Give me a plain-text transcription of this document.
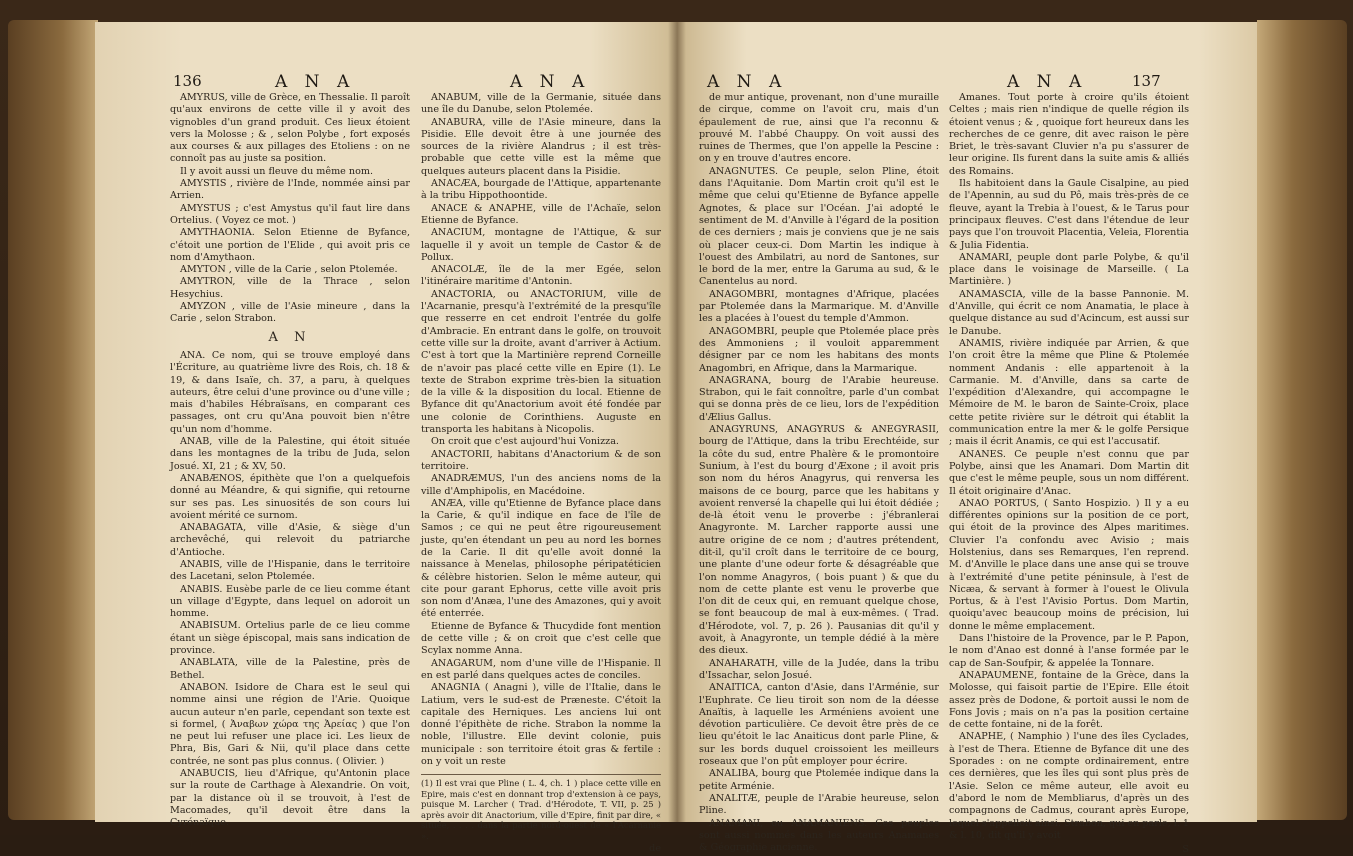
136	A N A	A N A

AMYRUS, ville de Grèce, en Thessalie. Il paroît qu'aux environs de cette ville il y avoit des vignobles d'un grand produit. Ces lieux étoient vers la Molosse ; & , selon Polybe , fort exposés aux courses & aux pillages des Etoliens : on ne connoît pas au juste sa position.

Il y avoit aussi un fleuve du même nom.

AMYSTIS , rivière de l'Inde, nommée ainsi par Arrien.

AMYSTUS ; c'est Amystus qu'il faut lire dans Ortelius. ( Voyez ce mot. )

AMYTHAONIA. Selon Etienne de Byfance, c'étoit une portion de l'Elide , qui avoit pris ce nom d'Amythaon.

AMYTON , ville de la Carie , selon Ptolemée.

AMYTRON, ville de la Thrace , selon Hesychius.

AMYZON , ville de l'Asie mineure , dans la Carie , selon Strabon.

A N

ANA. Ce nom, qui se trouve employé dans l'Écriture, au quatrième livre des Rois, ch. 18 & 19, & dans Isaïe, ch. 37, a paru, à quelques auteurs, être celui d'une province ou d'une ville ; mais d'habiles Hébraïsans, en comparant ces passages, ont cru qu'Ana pouvoit bien n'être qu'un nom d'homme.

ANAB, ville de la Palestine, qui étoit située dans les montagnes de la tribu de Juda, selon Josué. XI, 21 ; & XV, 50.

ANABÆNOS, épithète que l'on a quelquefois donné au Méandre, & qui signifie, qui retourne sur ses pas. Les sinuosités de son cours lui avoient mérité ce surnom.

ANABAGATA, ville d'Asie, & siège d'un archevêché, qui relevoit du patriarche d'Antioche.

ANABIS, ville de l'Hispanie, dans le territoire des Lacetani, selon Ptolemée.

ANABIS. Eusèbe parle de ce lieu comme étant un village d'Egypte, dans lequel on adoroit un homme.

ANABISUM. Ortelius parle de ce lieu comme étant un siège épiscopal, mais sans indication de province.

ANABLATA, ville de la Palestine, près de Bethel.

ANABON. Isidore de Chara est le seul qui nomme ainsi une région de l'Arie. Quoique aucun auteur n'en parle, cependant son texte est si formel, ( Ἀναβων χώρα της Ἀρείας ) que l'on ne peut lui refuser une place ici. Les lieux de Phra, Bis, Gari & Nii, qu'il place dans cette contrée, ne sont pas plus connus. ( Olivier. )

ANABUCIS, lieu d'Afrique, qu'Antonin place sur la route de Carthage à Alexandrie. On voit, par la distance où il se trouvoit, à l'est de Macomades, qu'il devoit être dans la Cyrénaïque.

ANABUM, ville de la Germanie, située dans une île du Danube, selon Ptolemée.

ANABURA, ville de l'Asie mineure, dans la Pisidie. Elle devoit être à une journée des sources de la rivière Alandrus ; il est très-probable que cette ville est la même que quelques auteurs placent dans la Pisidie.

ANACÆA, bourgade de l'Attique, appartenante à la tribu Hippothoontide.

ANACE & ANAPHE, ville de l'Achaïe, selon Etienne de Byfance.

ANACIUM, montagne de l'Attique, & sur laquelle il y avoit un temple de Castor & de Pollux.

ANACOLÆ, île de la mer Egée, selon l'itinéraire maritime d'Antonin.

ANACTORIA, ou ANACTORIUM, ville de l'Acarnanie, presqu'à l'extrémité de la presqu'île que resserre en cet endroit l'entrée du golfe d'Ambracie. En entrant dans le golfe, on trouvoit cette ville sur la droite, avant d'arriver à Actium. C'est à tort que la Martinière reprend Corneille de n'avoir pas placé cette ville en Epire (1). Le texte de Strabon exprime très-bien la situation de la ville & la disposition du local. Etienne de Byfance dit qu'Anactorium avoit été fondée par une colonie de Corinthiens. Auguste en transporta les habitans à Nicopolis.

On croit que c'est aujourd'hui Vonizza.

ANACTORII, habitans d'Anactorium & de son territoire.

ANADRÆMUS, l'un des anciens noms de la ville d'Amphipolis, en Macédoine.

ANÆA, ville qu'Etienne de Byfance place dans la Carie, & qu'il indique en face de l'île de Samos ; ce qui ne peut être rigoureusement juste, qu'en étendant un peu au nord les bornes de la Carie. Il dit qu'elle avoit donné la naissance à Menelas, philosophe péripatéticien & célèbre historien. Selon le même auteur, qui cite pour garant Ephorus, cette ville avoit pris son nom d'Anæa, l'une des Amazones, qui y avoit été enterrée.

Etienne de Byfance & Thucydide font mention de cette ville ; & on croit que c'est celle que Scylax nomme Anna.

ANAGARUM, nom d'une ville de l'Hispanie. Il en est parlé dans quelques actes de conciles.

ANAGNIA ( Anagni ), ville de l'Italie, dans le Latium, vers le sud-est de Præneste. C'étoit la capitale des Herniques. Les anciens lui ont donné l'épithète de riche. Strabon la nomme la noble, l'illustre. Elle devint colonie, puis municipale : son territoire étoit gras & fertile : on y voit un reste

(1) Il est vrai que Pline ( L. 4, ch. 1 ) place cette ville en Epire, mais c'est en donnant trop d'extension à ce pays, puisque M. Larcher ( Trad. d'Hérodote, T. VII, p. 25 ) après avoir dit Anactorium, ville d'Epire, finit par dire, « située, . . . . dans la partie nord-ouest de « l'Acarnanie ».
de
A N A	A N A	137

de mur antique, provenant, non d'une muraille de cirque, comme on l'avoit cru, mais d'un épaulement de rue, ainsi que l'a reconnu & prouvé M. l'abbé Chauppy. On voit aussi des ruines de Thermes, que l'on appelle la Pescine : on y en trouve d'autres encore.

ANAGNUTES. Ce peuple, selon Pline, étoit dans l'Aquitanie. Dom Martin croit qu'il est le même que celui qu'Etienne de Byfance appelle Agnotes, & place sur l'Océan. J'ai adopté le sentiment de M. d'Anville à l'égard de la position de ces derniers ; mais je conviens que je ne sais où placer ceux-ci. Dom Martin les indique à l'ouest des Ambilatri, au nord de Santones, sur le bord de la mer, entre la Garuma au sud, & le Canentelus au nord.

ANAGOMBRI, montagnes d'Afrique, placées par Ptolemée dans la Marmarique. M. d'Anville les a placées à l'ouest du temple d'Ammon.

ANAGOMBRI, peuple que Ptolemée place près des Ammoniens ; il vouloit apparemment désigner par ce nom les habitans des monts Anagombri, en Afrique, dans la Marmarique.

ANAGRANA, bourg de l'Arabie heureuse. Strabon, qui le fait connoître, parle d'un combat qui se donna près de ce lieu, lors de l'expédition d'Ælius Gallus.

ANAGYRUNS, ANAGYRUS & ANEGYRASII, bourg de l'Attique, dans la tribu Erechtéide, sur la côte du sud, entre Phalère & le promontoire Sunium, à l'est du bourg d'Æxone ; il avoit pris son nom du héros Anagyrus, qui renversa les maisons de ce bourg, parce que les habitans y avoient renversé la chapelle qui lui étoit dédiée ; de-là étoit venu le proverbe : j'ébranlerai Anagyronte. M. Larcher rapporte aussi une autre origine de ce nom ; d'autres prétendent, dit-il, qu'il croît dans le territoire de ce bourg, une plante d'une odeur forte & désagréable que l'on nomme Anagyros, ( bois puant ) & que du nom de cette plante est venu le proverbe que l'on dit de ceux qui, en remuant quelque chose, se font beaucoup de mal à eux-mêmes. ( Trad. d'Hérodote, vol. 7, p. 26 ). Pausanias dit qu'il y avoit, à Anagyronte, un temple dédié à la mère des dieux.

ANAHARATH, ville de la Judée, dans la tribu d'Issachar, selon Josué.

ANAITICA, canton d'Asie, dans l'Arménie, sur l'Euphrate. Ce lieu tiroit son nom de la déesse Anaïtis, à laquelle les Arméniens avoient une dévotion particulière. Ce devoit être près de ce lieu qu'étoit le lac Anaiticus dont parle Pline, & sur les bords duquel croissoient les meilleurs roseaux que l'on pût employer pour écrire.

ANALIBA, bourg que Ptolemée indique dans la petite Arménie.

ANALITÆ, peuple de l'Arabie heureuse, selon Pline.

ANAMANI, ou ANAMANIENS. Ces peuples sont aussi nommés dans les auteurs Anamanes & Géographie ancienne.

Amanes. Tout porte à croire qu'ils étoient Celtes ; mais rien n'indique de quelle région ils étoient venus ; & , quoique fort heureux dans les recherches de ce genre, dit avec raison le père Briet, le très-savant Cluvier n'a pu s'assurer de leur origine. Ils furent dans la suite amis & alliés des Romains.

Ils habitoient dans la Gaule Cisalpine, au pied de l'Apennin, au sud du Pô, mais très-près de ce fleuve, ayant la Trebia à l'ouest, & le Tarus pour principaux fleuves. C'est dans l'étendue de leur pays que l'on trouvoit Placentia, Veleia, Florentia & Julia Fidentia.

ANAMARI, peuple dont parle Polybe, & qu'il place dans le voisinage de Marseille. ( La Martinière. )

ANAMASCIA, ville de la basse Pannonie. M. d'Anville, qui écrit ce nom Anamatia, le place à quelque distance au sud d'Acincum, est aussi sur le Danube.

ANAMIS, rivière indiquée par Arrien, & que l'on croit être la même que Pline & Ptolemée nomment Andanis : elle appartenoit à la Carmanie. M. d'Anville, dans sa carte de l'expédition d'Alexandre, qui accompagne le Mémoire de M. le baron de Sainte-Croix, place cette petite rivière sur le détroit qui établit la communication entre la mer & le golfe Persique ; mais il écrit Anamis, ce qui est l'accusatif.

ANANES. Ce peuple n'est connu que par Polybe, ainsi que les Anamari. Dom Martin dit que c'est le même peuple, sous un nom différent. Il étoit originaire d'Anac.

ANAO PORTUS, ( Santo Hospizio. ) Il y a eu différentes opinions sur la position de ce port, qui étoit de la province des Alpes maritimes. Cluvier l'a confondu avec Avisio ; mais Holstenius, dans ses Remarques, l'en reprend. M. d'Anville le place dans une anse qui se trouve à l'extrémité d'une petite péninsule, à l'est de Nicæa, & servant à former à l'ouest le Olivula Portus, & à l'est l'Avisio Portus. Dom Martin, quoiqu'avec beaucoup moins de précision, lui donne le même emplacement.

Dans l'histoire de la Provence, par le P. Papon, le nom d'Anao est donné à l'anse formée par le cap de San-Soufpir, & appelée la Tonnare.

ANAPAUMENE, fontaine de la Grèce, dans la Molosse, qui faisoit partie de l'Epire. Elle étoit assez près de Dodone, & portoit aussi le nom de Fons Jovis ; mais on n'a pas la position certaine de cette fontaine, ni de la forêt.

ANAPHE, ( Namphio ) l'une des îles Cyclades, à l'est de Thera. Etienne de Byfance dit une des Sporades : on ne compte ordinairement, entre ces dernières, que les îles qui sont plus près de l'Asie. Selon ce même auteur, elle avoit eu d'abord le nom de Membliarus, d'après un des compagnons de Cadmus, courant après Europe, lequel s'appelloit ainsi. Strabon, qui en parle, l. 1 & l. 10, dit qu'il y avoit

S
